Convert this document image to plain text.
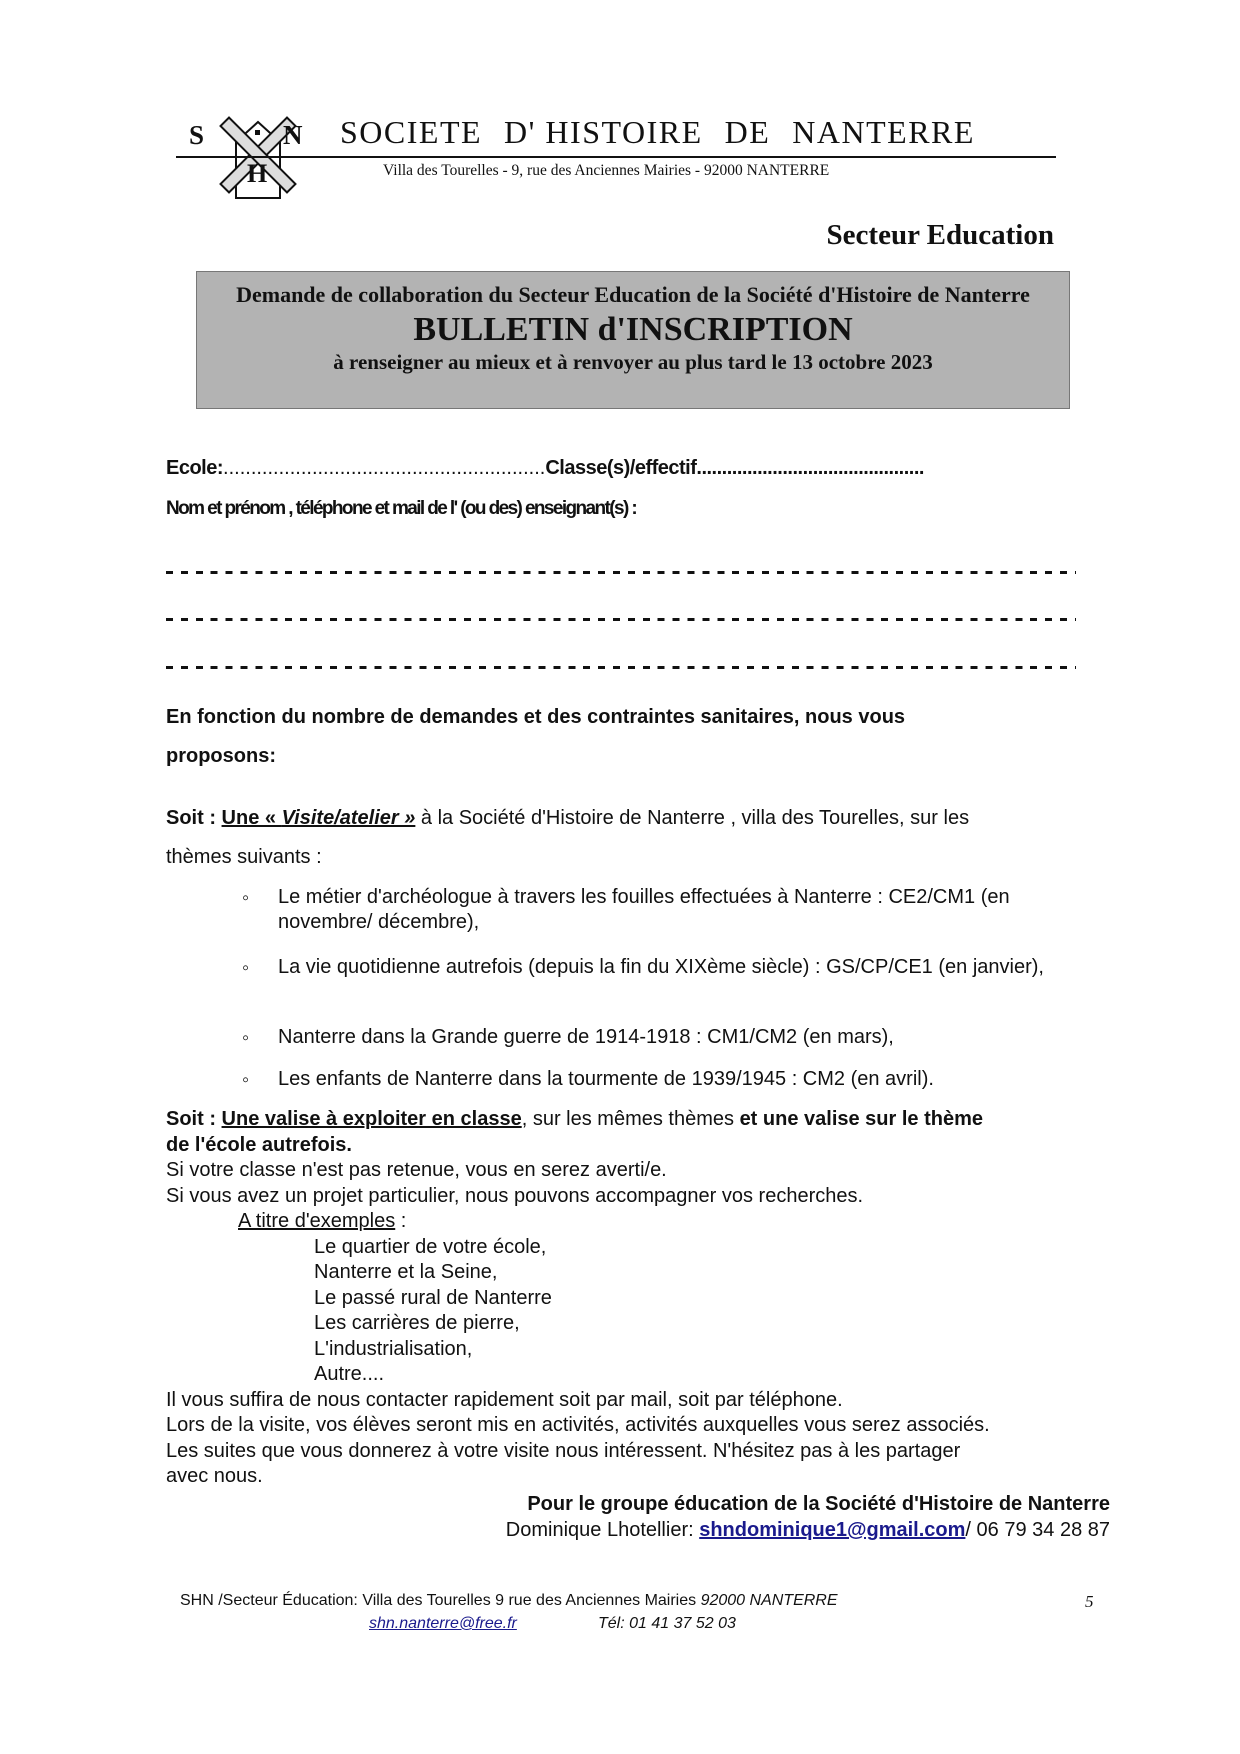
S	N
H
SOCIETE D' HISTOIRE DE NANTERRE
Villa des Tourelles - 9, rue des Anciennes Mairies - 92000 NANTERRE
Secteur Education
Demande de collaboration du Secteur Education de la Société d'Histoire de Nanterre
BULLETIN d'INSCRIPTION
à renseigner au mieux et à renvoyer au plus tard le 13 octobre 2023
Ecole:..........................................................Classe(s)/effectif.............................................
Nom et prénom , téléphone et mail de l' (ou des) enseignant(s) :
En fonction du nombre de demandes et des contraintes sanitaires, nous vous
proposons:
Soit : Une « Visite/atelier » à la Société d'Histoire de Nanterre , villa des Tourelles, sur les
thèmes suivants :
◦ Le métier d'archéologue à travers les fouilles effectuées à Nanterre : CE2/CM1 (en novembre/ décembre),
◦ La vie quotidienne autrefois (depuis la fin du XIXème siècle) : GS/CP/CE1 (en janvier),
◦ Nanterre dans la Grande guerre de 1914-1918 : CM1/CM2 (en mars),
◦ Les enfants de Nanterre dans la tourmente de 1939/1945 : CM2 (en avril).
Soit : Une valise à exploiter en classe, sur les mêmes thèmes et une valise sur le thème
de l'école autrefois.
Si votre classe n'est pas retenue, vous en serez averti/e.
Si vous avez un projet particulier, nous pouvons accompagner vos recherches.
A titre d'exemples :
Le quartier de votre école,
Nanterre et la Seine,
Le passé rural de Nanterre
Les carrières de pierre,
L'industrialisation,
Autre....
Il vous suffira de nous contacter rapidement soit par mail, soit par téléphone.
Lors de la visite, vos élèves seront mis en activités, activités auxquelles vous serez associés.
Les suites que vous donnerez à votre visite nous intéressent. N'hésitez pas à les partager
avec nous.
Pour le groupe éducation de la Société d'Histoire de Nanterre
Dominique Lhotellier: shndominique1@gmail.com/ 06 79 34 28 87
SHN /Secteur Éducation: Villa des Tourelles 9 rue des Anciennes Mairies 92000 NANTERRE
shn.nanterre@free.fr	Tél: 01 41 37 52 03
5
